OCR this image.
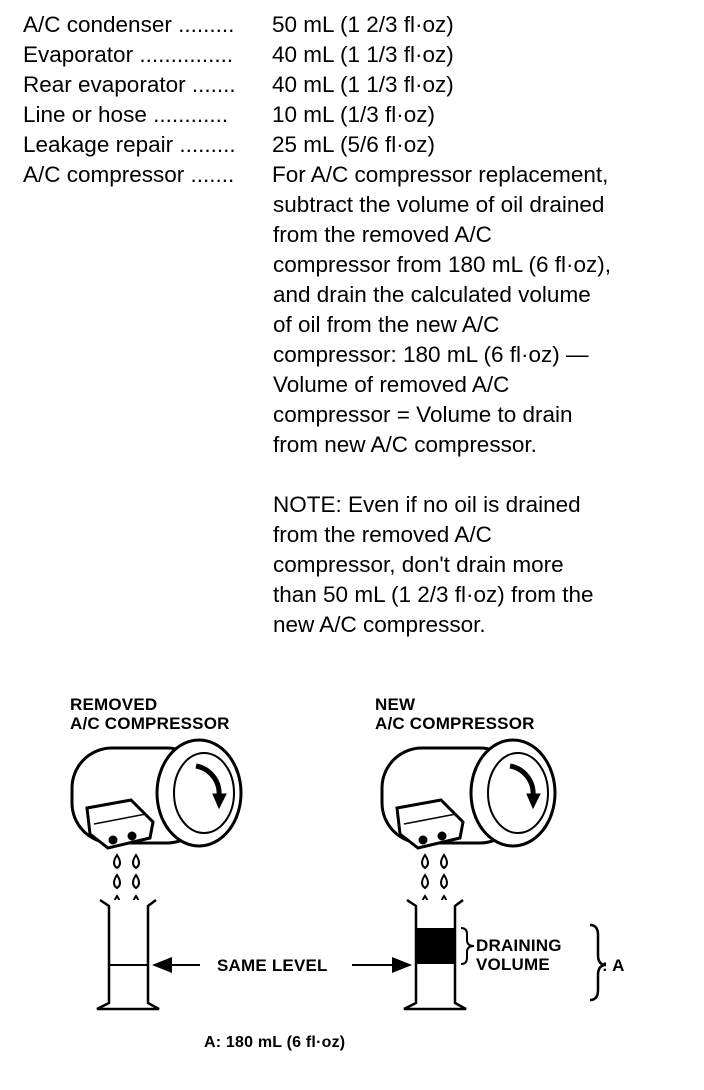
A/C condenser ......... 50 mL (1 2/3 fl·oz)
Evaporator ............... 40 mL (1 1/3 fl·oz)
Rear evaporator ....... 40 mL (1 1/3 fl·oz)
Line or hose ............ 10 mL (1/3 fl·oz)
Leakage repair ......... 25 mL (5/6 fl·oz)
A/C compressor ....... For A/C compressor replacement,
subtract the volume of oil drained
from the removed A/C
compressor from 180 mL (6 fl·oz),
and drain the calculated volume
of oil from the new A/C
compressor: 180 mL (6 fl·oz) —
Volume of removed A/C
compressor = Volume to drain
from new A/C compressor.
NOTE: Even if no oil is drained
from the removed A/C
compressor, don't drain more
than 50 mL (1 2/3 fl·oz) from the
new A/C compressor.
REMOVED
A/C COMPRESSOR
NEW
A/C COMPRESSOR
SAME LEVEL
DRAINING
VOLUME	: A
A: 180 mL (6 fl·oz)
